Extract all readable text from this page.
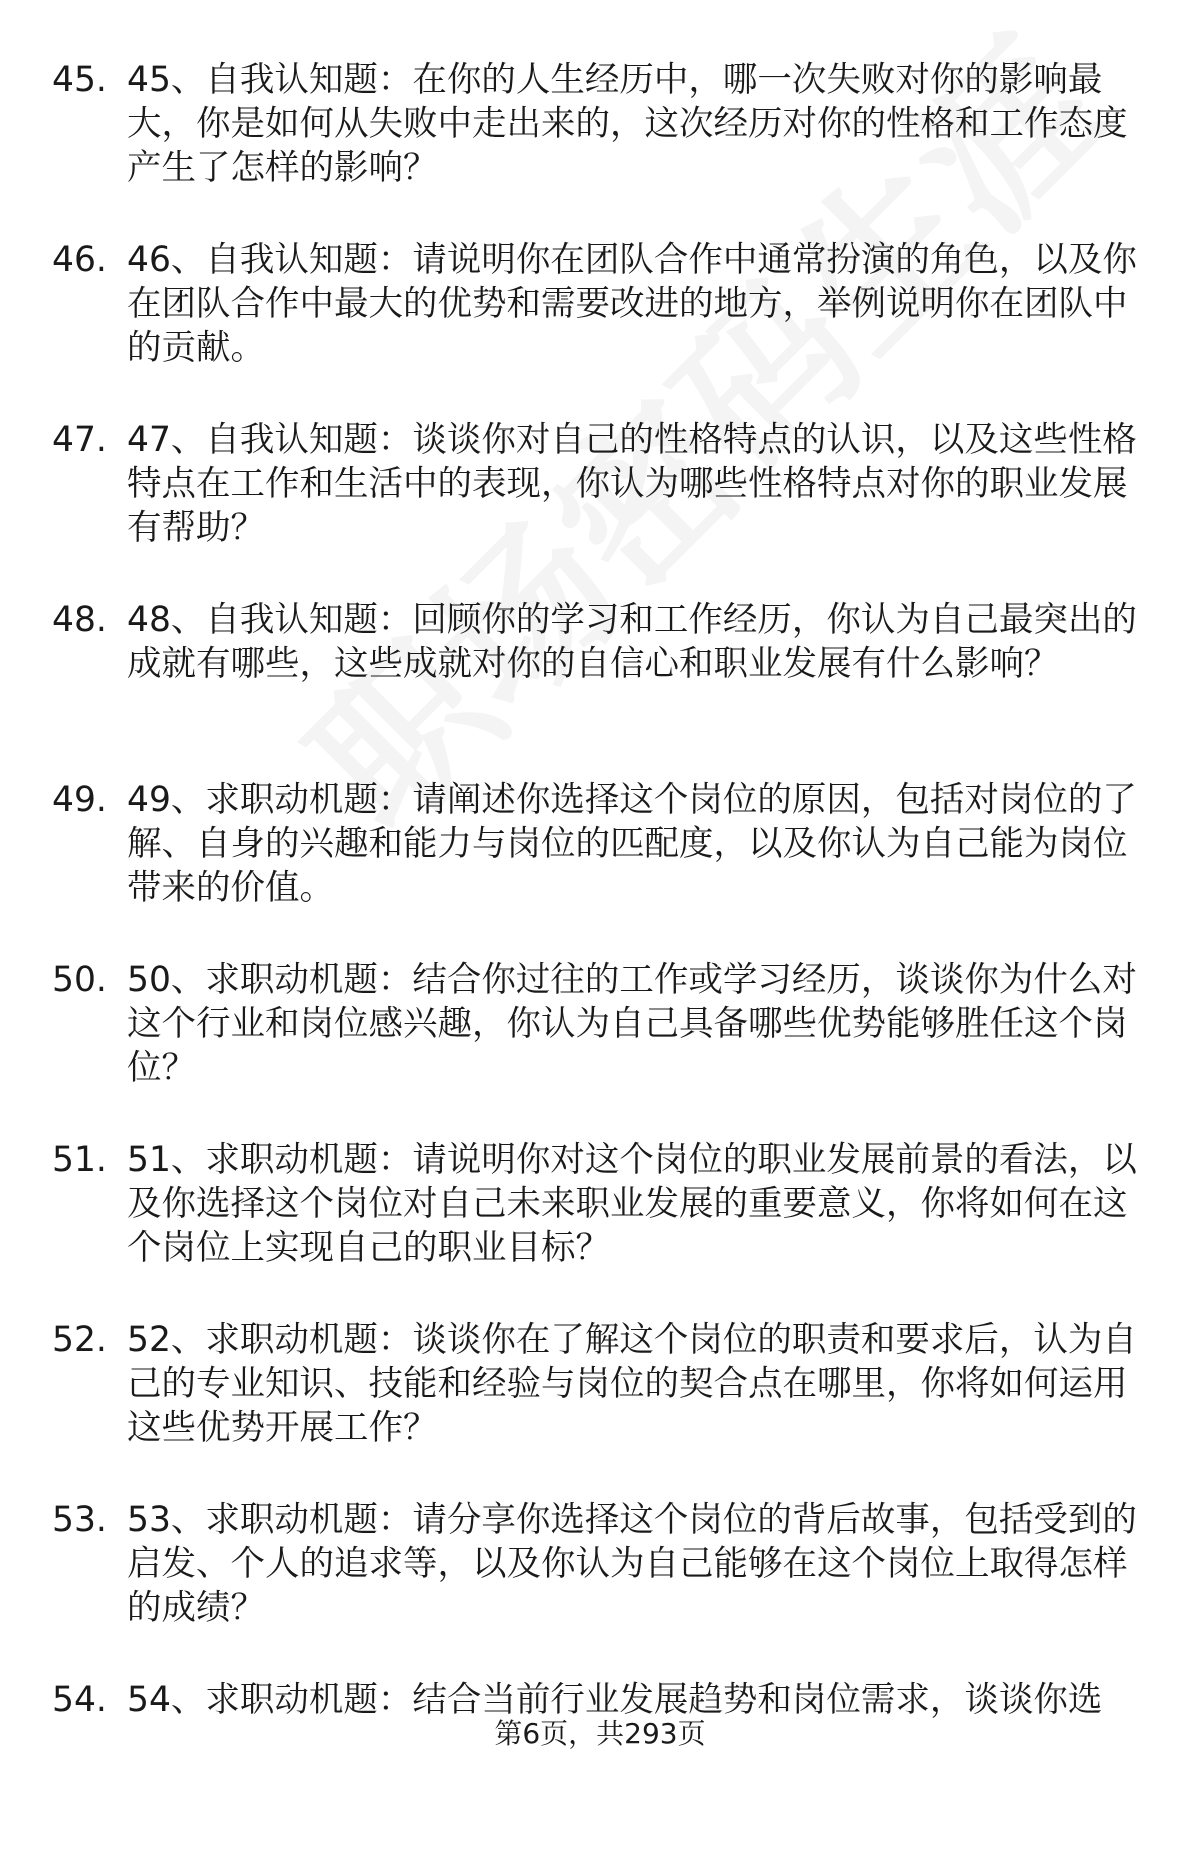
45. 45、自我认知题：在你的人生经历中，哪一次失败对你的影响最大，你是如何从失败中走出来的，这次经历对你的性格和工作态度产生了怎样的影响？
46. 46、自我认知题：请说明你在团队合作中通常扮演的角色，以及你在团队合作中最大的优势和需要改进的地方，举例说明你在团队中的贡献。
47. 47、自我认知题：谈谈你对自己的性格特点的认识，以及这些性格特点在工作和生活中的表现，你认为哪些性格特点对你的职业发展有帮助？
48. 48、自我认知题：回顾你的学习和工作经历，你认为自己最突出的成就有哪些，这些成就对你的自信心和职业发展有什么影响？
49. 49、求职动机题：请阐述你选择这个岗位的原因，包括对岗位的了解、自身的兴趣和能力与岗位的匹配度，以及你认为自己能为岗位带来的价值。
50. 50、求职动机题：结合你过往的工作或学习经历，谈谈你为什么对这个行业和岗位感兴趣，你认为自己具备哪些优势能够胜任这个岗位？
51. 51、求职动机题：请说明你对这个岗位的职业发展前景的看法，以及你选择这个岗位对自己未来职业发展的重要意义，你将如何在这个岗位上实现自己的职业目标？
52. 52、求职动机题：谈谈你在了解这个岗位的职责和要求后，认为自己的专业知识、技能和经验与岗位的契合点在哪里，你将如何运用这些优势开展工作？
53. 53、求职动机题：请分享你选择这个岗位的背后故事，包括受到的启发、个人的追求等，以及你认为自己能够在这个岗位上取得怎样的成绩？
54. 54、求职动机题：结合当前行业发展趋势和岗位需求，谈谈你选
第6页，共293页
